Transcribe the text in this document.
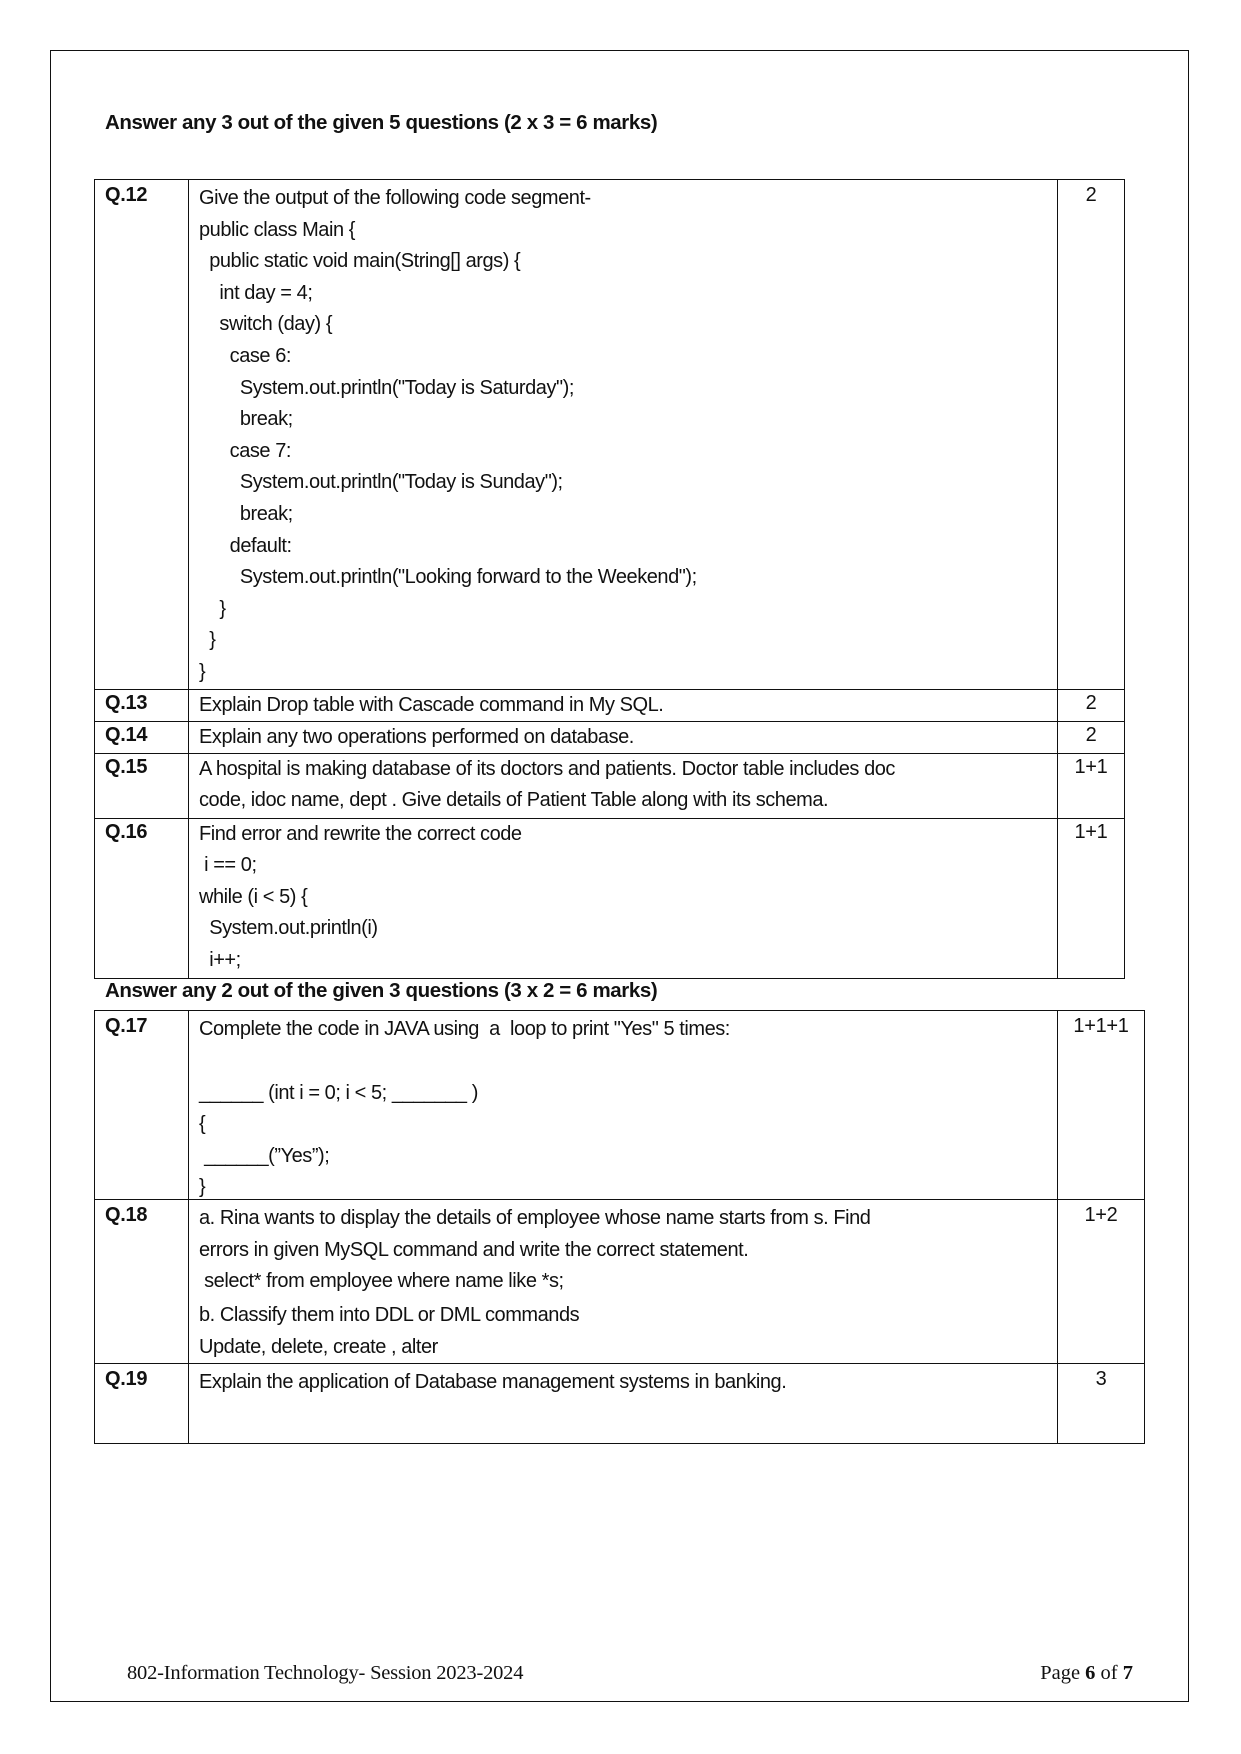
Answer any 3 out of the given 5 questions (2 x 3 = 6 marks)
Q.12	Give the output of the following code segment-
public class Main {
public static void main(String[] args) {
int day = 4;
switch (day) {
case 6:
System.out.println("Today is Saturday");
break;
case 7:
System.out.println("Today is Sunday");
break;
default:
System.out.println("Looking forward to the Weekend");
}
}
}
	2
Q.13	Explain Drop table with Cascade command in My SQL.	2
Q.14	Explain any two operations performed on database.	2
Q.15	A hospital is making database of its doctors and patients. Doctor table includes doc
code, idoc name, dept . Give details of Patient Table along with its schema.	1+1
Q.16	Find error and rewrite the correct code
i == 0;
while (i < 5) {
System.out.println(i)
i++;	1+1
Answer any 2 out of the given 3 questions (3 x 2 = 6 marks)
Q.17	Complete the code in JAVA using  a  loop to print "Yes" 5 times:
______ (int i = 0; i < 5; _______ )
{
______(”Yes”);
}	1+1+1
Q.18	a. Rina wants to display the details of employee whose name starts from s. Find
errors in given MySQL command and write the correct statement.
select* from employee where name like *s;
b. Classify them into DDL or DML commands
Update, delete, create , alter	1+2
Q.19	Explain the application of Database management systems in banking.	3
802-Information Technology- Session 2023-2024	Page 6 of 7
